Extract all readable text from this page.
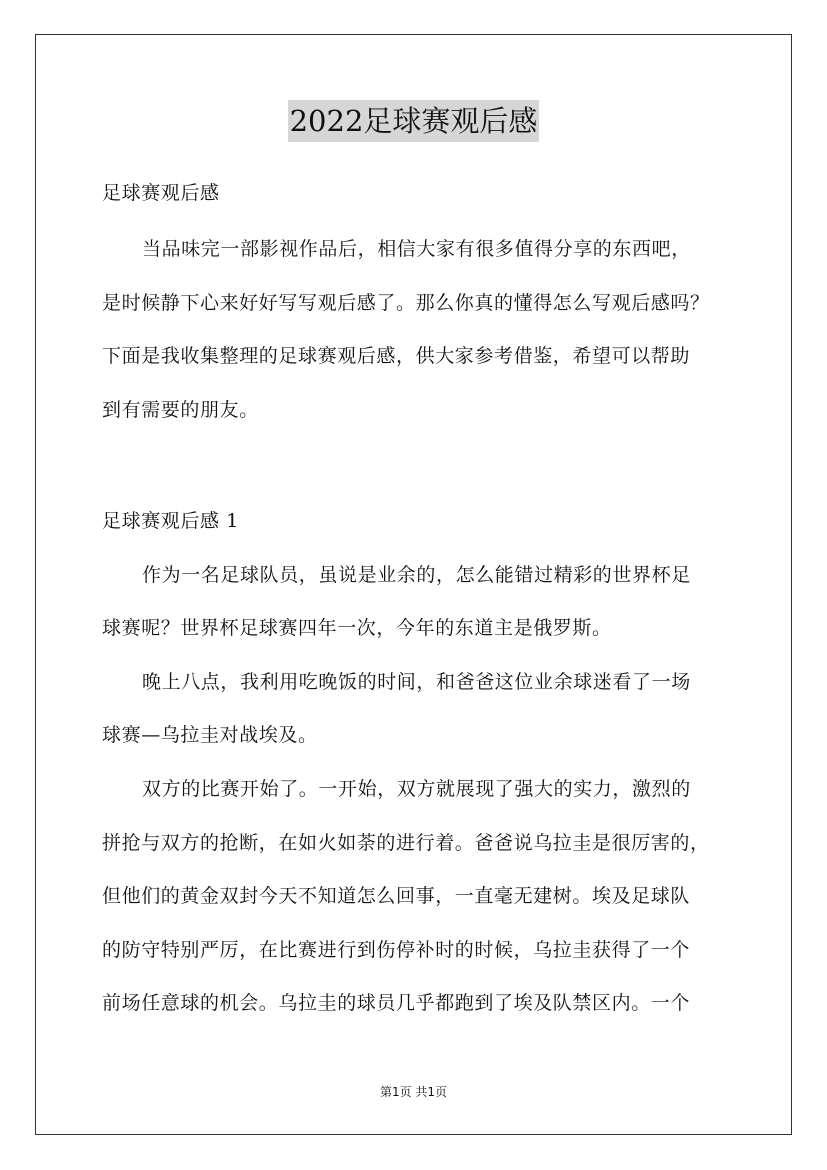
2022足球赛观后感
足球赛观后感
当品味完一部影视作品后，相信大家有很多值得分享的东西吧，
是时候静下心来好好写写观后感了。那么你真的懂得怎么写观后感吗？
下面是我收集整理的足球赛观后感，供大家参考借鉴，希望可以帮助
到有需要的朋友。
足球赛观后感 1
作为一名足球队员，虽说是业余的，怎么能错过精彩的世界杯足
球赛呢？世界杯足球赛四年一次，今年的东道主是俄罗斯。
晚上八点，我利用吃晚饭的时间，和爸爸这位业余球迷看了一场
球赛—乌拉圭对战埃及。
双方的比赛开始了。一开始，双方就展现了强大的实力，激烈的
拼抢与双方的抢断，在如火如荼的进行着。爸爸说乌拉圭是很厉害的，
但他们的黄金双封今天不知道怎么回事，一直毫无建树。埃及足球队
的防守特别严厉，在比赛进行到伤停补时的时候，乌拉圭获得了一个
前场任意球的机会。乌拉圭的球员几乎都跑到了埃及队禁区内。一个
第1页 共1页
